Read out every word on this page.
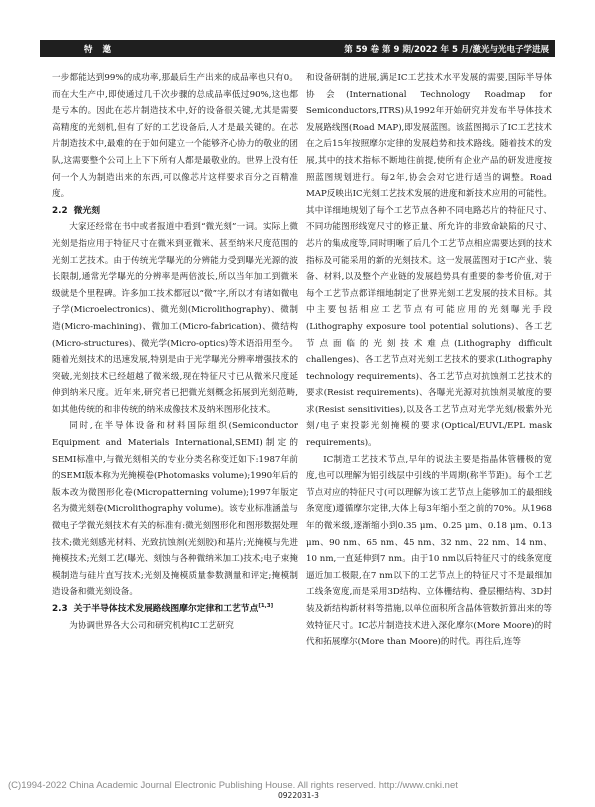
特邀	第 59 卷 第 9 期/2022 年 5 月/激光与光电子学进展

一步都能达到99%的成功率,那最后生产出来的成品率也只有0。而在大生产中,即使通过几千次步骤的总成品率低过90%,这也都是亏本的。因此在芯片制造技术中,好的设备很关键,尤其是需要高精度的光刻机,但有了好的工艺设备后,人才是最关键的。在芯片制造技术中,最难的在于如何建立一个能够齐心协力的敬业的团队,这需要整个公司上上下下所有人都是最敬业的。世界上没有任何一个人为制造出来的东西,可以像芯片这样要求百分之百精准度。

2.2 微光刻

大家还经常在书中或者报道中看到“微光刻”一词。实际上微光刻是指应用于特征尺寸在微米到亚微米、甚至纳米尺度范围的光刻工艺技术。由于传统光学曝光的分辨能力受到曝光光源的波长限制,通常光学曝光的分辨率是两倍波长,所以当年加工到微米级就是个里程碑。许多加工技术都冠以“微”字,所以才有诸如微电子学(Microelectronics)、微光刻(Microlithography)、微制造(Micro-machining)、微加工(Micro-fabrication)、微结构(Micro-structures)、微光学(Micro-optics)等术语沿用至今。随着光刻技术的迅速发展,特别是由于光学曝光分辨率增强技术的突破,光刻技术已经超越了微米级,现在特征尺寸已从微米尺度延伸到纳米尺度。近年来,研究者已把微光刻概念拓展到光刻范畴,如其他传统的和非传统的纳米成像技术及纳米图形化技术。

同时,在半导体设备和材料国际组织(Semiconductor Equipment and Materials International,SEMI)制定的SEMI标准中,与微光刻相关的专业分类名称变迁如下:1987年前的SEMI版本称为光掩模卷(Photomasks volume);1990年后的版本改为微图形化卷(Micropatterning volume);1997年版定名为微光刻卷(Microlithography volume)。该专业标准涵盖与微电子学微光刻技术有关的标准有:微光刻图形化和图形数据处理技术;微光刻感光材料、光致抗蚀剂(光刻胶)和基片;光掩模与先进掩模技术;光刻工艺(曝光、刻蚀与各种微纳米加工)技术;电子束掩模制造与硅片直写技术;光刻及掩模质量参数测量和评定;掩模制造设备和微光刻设备。

2.3 关于半导体技术发展路线图摩尔定律和工艺节点[1,3]

为协调世界各大公司和研究机构IC工艺研究

和设备研制的进展,满足IC工艺技术水平发展的需要,国际半导体协会(International Technology Roadmap for Semiconductors,ITRS)从1992年开始研究并发布半导体技术发展路线图(Road MAP),即发展蓝图。该蓝图揭示了IC工艺技术在之后15年按照摩尔定律的发展趋势和技术路线。随着技术的发展,其中的技术指标不断地往前提,使所有企业产品的研发进度按照蓝图规划进行。每2年,协会会对它进行适当的调整。Road MAP反映出IC光刻工艺技术发展的进度和新技术应用的可能性。其中详细地规划了每个工艺节点各种不同电路芯片的特征尺寸、不同功能图形线宽尺寸的修正量、所允许的非致命缺陷的尺寸、芯片的集成度等,同时明晰了后几个工艺节点相应需要达到的技术指标及可能采用的新的光刻技术。这一发展蓝图对于IC产业、装备、材料,以及整个产业链的发展趋势具有重要的参考价值,对于每个工艺节点都详细地制定了世界光刻工艺发展的技术目标。其中主要包括相应工艺节点有可能应用的光刻曝光手段(Lithography exposure tool potential solutions)、各工艺节点面临的光刻技术难点(Lithography difficult challenges)、各工艺节点对光刻工艺技术的要求(Lithography technology requirements)、各工艺节点对抗蚀剂工艺技术的要求(Resist requirements)、各曝光光源对抗蚀剂灵敏度的要求(Resist sensitivities),以及各工艺节点对光学光刻/极紫外光刻/电子束投影光刻掩模的要求(Optical/EUVL/EPL mask requirements)。

IC制造工艺技术节点,早年的说法主要是指晶体管栅极的宽度,也可以理解为铝引线层中引线的半周期(称半节距)。每个工艺节点对应的特征尺寸(可以理解为该工艺节点上能够加工的最细线条宽度)遵循摩尔定律,大体上每3年缩小至之前的70%。从1968年的微米级,逐渐缩小到0.35 μm、0.25 μm、0.18 μm、0.13 μm、90 nm、65 nm、45 nm、32 nm、22 nm、14 nm、10 nm,一直延伸到7 nm。由于10 nm以后特征尺寸的线条宽度逼近加工极限,在7 nm以下的工艺节点上的特征尺寸不是最细加工线条宽度,而是采用3D结构、立体栅结构、叠层栅结构、3D封装及新结构新材料等措施,以单位面积所含晶体管数折算出来的等效特征尺寸。IC芯片制造技术进入深化摩尔(More Moore)的时代和拓展摩尔(More than Moore)的时代。再往后,连等

(C)1994-2022 China Academic Journal Electronic Publishing House. All rights reserved. http://www.cnki.net
0922031-3
